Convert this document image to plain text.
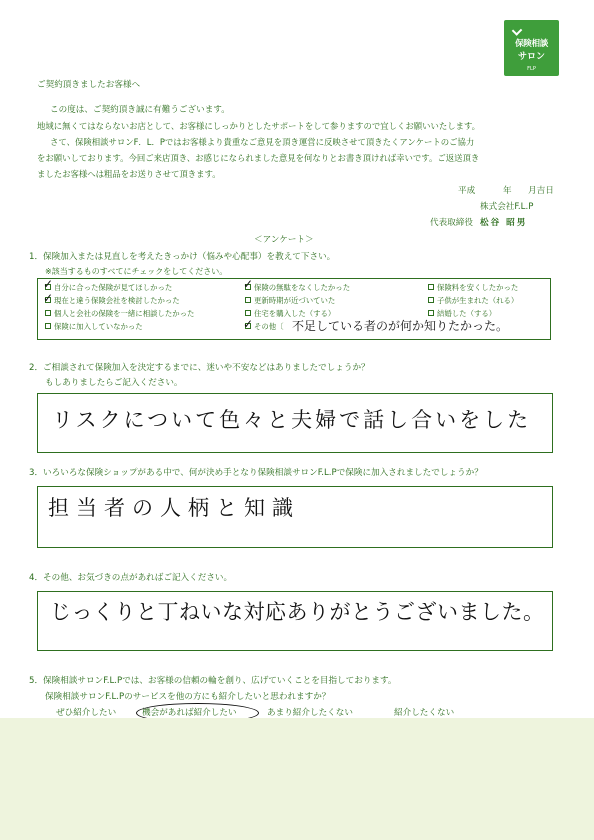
保険相談
サロン
FLP
ご契約頂きましたお客様へ
この度は、ご契約頂き誠に有難うございます。
地域に無くてはならないお店として、お客様にしっかりとしたサポートをして参りますので宜しくお願いいたします。
さて、保険相談サロンF．L．Pではお客様より貴重なご意見を頂き運営に反映させて頂きたくアンケートのご協力
をお願いしております。今回ご来店頂き、お感じになられました意見を何なりとお書き頂ければ幸いです。ご返送頂き
ましたお客様へは粗品をお送りさせて頂きます。
平成	年 月吉日
株式会社F.L.P
代表取締役 松谷 昭男
＜アンケート＞
1．保険加入または見直しを考えたきっかけ（悩みや心配事）を教えて下さい。
※該当するものすべてにチェックをしてください。
自分に合った保険が見てほしかった	保険の無駄をなくしたかった	保険料を安くしたかった
現在と違う保険会社を検討したかった	更新時期が近づいていた	子供が生まれた（れる）
個人と会社の保険を一緒に相談したかった	住宅を購入した（する）	結婚した（する）
保険に加入していなかった	その他〔 不足している者のが何か知りたかった。
✓	✓
✓
✓
2．ご相談されて保険加入を決定するまでに、迷いや不安などはありましたでしょうか？
もしありましたらご記入ください。
リスクについて色々と夫婦で話し合いをした
3．いろいろな保険ショップがある中で、何が決め手となり保険相談サロンF.L.Pで保険に加入されましたでしょうか？
担当者の人柄と知識
4．その他、お気づきの点があればご記入ください。
じっくりと丁ねいな対応ありがとうございました。
5．保険相談サロンF.L.Pでは、お客様の信頼の輪を創り、広げていくことを目指しております。
保険相談サロンF.L.Pのサービスを他の方にも紹介したいと思われますか？
ぜひ紹介したい	機会があれば紹介したい	あまり紹介したくない	紹介したくない
